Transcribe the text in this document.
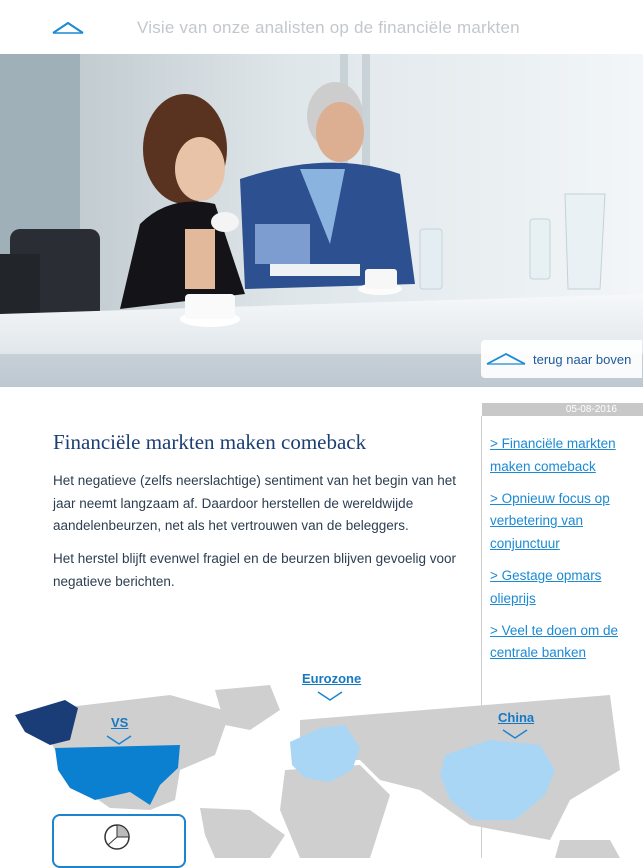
Visie van onze analisten op de financiële markten
terug naar boven
05-08-2016
Financiële markten maken comeback

Het negatieve (zelfs neerslachtige) sentiment van het begin van het jaar neemt langzaam af. Daardoor herstellen de wereldwijde aandelenbeurzen, net als het vertrouwen van de beleggers.

Het herstel blijft evenwel fragiel en de beurzen blijven gevoelig voor negatieve berichten.

> Financiële markten maken comeback
> Opnieuw focus op verbetering van conjunctuur
> Gestage opmars olieprijs
> Veel te doen om de centrale banken
VS
Eurozone
China
